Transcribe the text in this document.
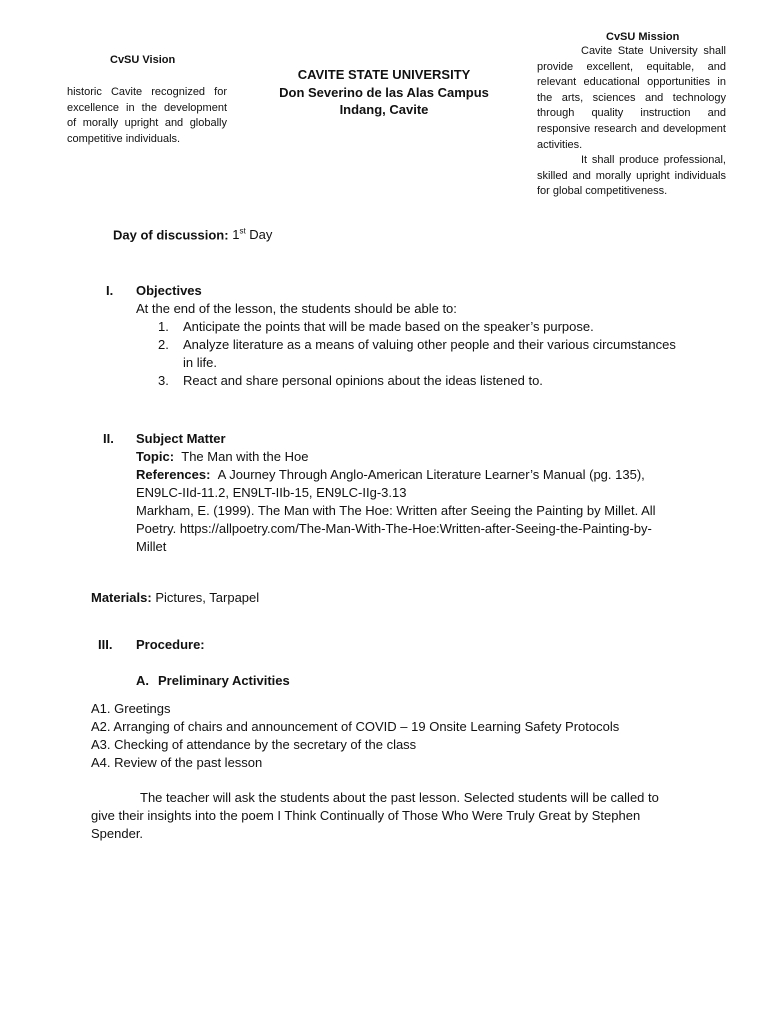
CvSU Vision
historic Cavite recognized for excellence in the development of morally upright and globally competitive individuals.
CvSU Mission

Cavite State University shall provide excellent, equitable, and relevant educational opportunities in the arts, sciences and technology through quality instruction and responsive research and development activities.

It shall produce professional, skilled and morally upright individuals for global competitiveness.

CAVITE STATE UNIVERSITY
Don Severino de las Alas Campus
Indang, Cavite
Day of discussion: 1st Day
I. Objectives
At the end of the lesson, the students should be able to:
1. Anticipate the points that will be made based on the speaker’s purpose.
2. Analyze literature as a means of valuing other people and their various circumstances in life.
3. React and share personal opinions about the ideas listened to.
II. Subject Matter
Topic: The Man with the Hoe
References: A Journey Through Anglo-American Literature Learner’s Manual (pg. 135), EN9LC-IId-11.2, EN9LT-IIb-15, EN9LC-IIg-3.13
Markham, E. (1999). The Man with The Hoe: Written after Seeing the Painting by Millet. All Poetry. https://allpoetry.com/The-Man-With-The-Hoe:Written-after-Seeing-the-Painting-by-Millet
Materials: Pictures, Tarpapel
III. Procedure:
A. Preliminary Activities
A1. Greetings
A2. Arranging of chairs and announcement of COVID – 19 Onsite Learning Safety Protocols
A3. Checking of attendance by the secretary of the class
A4. Review of the past lesson
The teacher will ask the students about the past lesson. Selected students will be called to give their insights into the poem I Think Continually of Those Who Were Truly Great by Stephen Spender.
